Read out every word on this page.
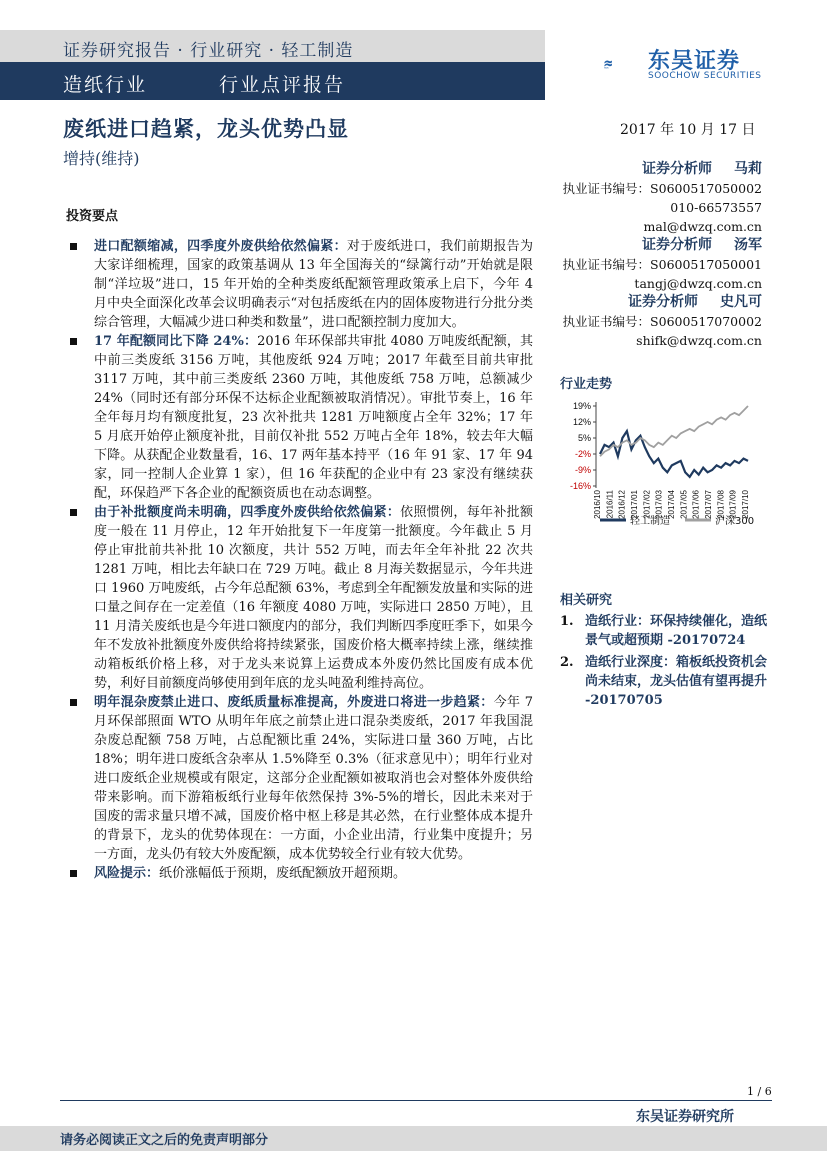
证券研究报告 · 行业研究 · 轻工制造
造纸行业	行业点评报告
SCS 东吴证券
SOOCHOW SECURITIES
废纸进口趋紧，龙头优势凸显
增持(维持)
2017 年 10 月 17 日
证券分析师 马莉
执业证书编号：S0600517050002
010-66573557
mal@dwzq.com.cn
证券分析师 汤军
执业证书编号：S0600517050001
tangj@dwzq.com.cn
证券分析师 史凡可
执业证书编号：S0600517070002
shifk@dwzq.com.cn
投资要点
进口配额缩减，四季度外废供给依然偏紧：对于废纸进口，我们前期报告为大家详细梳理，国家的政策基调从 13 年全国海关的“绿篱行动”开始就是限制“洋垃圾”进口，15 年开始的全种类废纸配额管理政策承上启下，今年 4 月中央全面深化改革会议明确表示“对包括废纸在内的固体废物进行分批分类综合管理，大幅减少进口种类和数量”，进口配额控制力度加大。
17 年配额同比下降 24%：2016 年环保部共审批 4080 万吨废纸配额，其中前三类废纸 3156 万吨，其他废纸 924 万吨；2017 年截至目前共审批 3117 万吨，其中前三类废纸 2360 万吨，其他废纸 758 万吨，总额减少 24%（同时还有部分环保不达标企业配额被取消情况）。审批节奏上，16 年全年每月均有额度批复，23 次补批共 1281 万吨额度占全年 32%；17 年 5 月底开始停止额度补批，目前仅补批 552 万吨占全年 18%，较去年大幅下降。从获配企业数量看，16、17 两年基本持平（16 年 91 家、17 年 94 家，同一控制人企业算 1 家），但 16 年获配的企业中有 23 家没有继续获配，环保趋严下各企业的配额资质也在动态调整。
由于补批额度尚未明确，四季度外废供给依然偏紧：依照惯例，每年补批额度一般在 11 月停止，12 年开始批复下一年度第一批额度。今年截止 5 月停止审批前共补批 10 次额度，共计 552 万吨，而去年全年补批 22 次共 1281 万吨，相比去年缺口在 729 万吨。截止 8 月海关数据显示，今年共进口 1960 万吨废纸，占今年总配额 63%，考虑到全年配额发放量和实际的进口量之间存在一定差值（16 年额度 4080 万吨，实际进口 2850 万吨），且 11 月清关废纸也是今年进口额度内的部分，我们判断四季度旺季下，如果今年不发放补批额度外废供给将持续紧张，国废价格大概率持续上涨，继续推动箱板纸价格上移，对于龙头来说算上运费成本外废仍然比国废有成本优势，利好目前额度尚够使用到年底的龙头吨盈利维持高位。
明年混杂废禁止进口、废纸质量标准提高，外废进口将进一步趋紧：今年 7 月环保部照面 WTO 从明年年底之前禁止进口混杂类废纸，2017 年我国混杂废总配额 758 万吨，占总配额比重 24%，实际进口量 360 万吨，占比 18%；明年进口废纸含杂率从 1.5%降至 0.3%（征求意见中）；明年行业对进口废纸企业规模或有限定，这部分企业配额如被取消也会对整体外废供给带来影响。而下游箱板纸行业每年依然保持 3%-5%的增长，因此未来对于国废的需求量只增不减，国废价格中枢上移是其必然，在行业整体成本提升的背景下，龙头的优势体现在：一方面，小企业出清，行业集中度提升；另一方面，龙头仍有较大外废配额，成本优势较全行业有较大优势。
风险提示：纸价涨幅低于预期，废纸配额放开超预期。
行业走势
19%
12%
5%
-2%
-9%
-16%
2016/10 2016/11 2016/12 2017/01 2017/02 2017/03 2017/04 2017/05 2017/06 2017/07 2017/08 2017/09 2017/10
轻工制造	沪深300
相关研究
1. 造纸行业：环保持续催化，造纸景气或超预期 -20170724
2. 造纸行业深度：箱板纸投资机会尚未结束，龙头估值有望再提升 -20170705
1 / 6
东吴证券研究所
请务必阅读正文之后的免责声明部分
